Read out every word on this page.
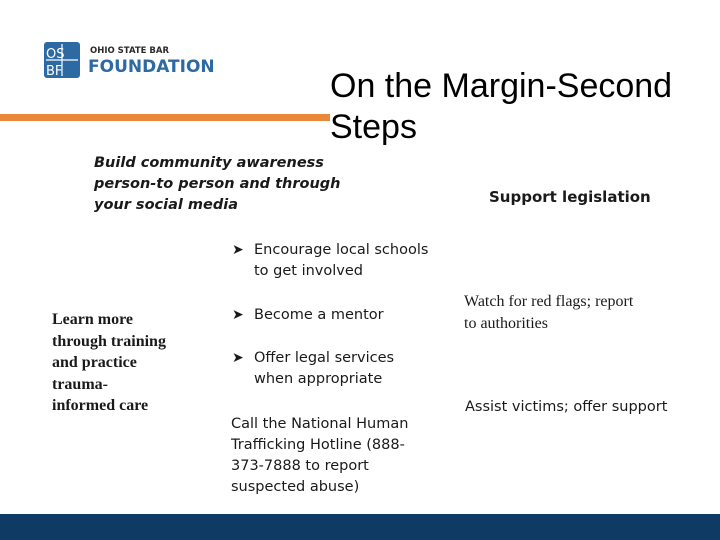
OS
BF
OHIO STATE BAR
FOUNDATION	On the Margin-Second Steps
Build community awareness person-to person and through your social media
Learn more through training and practice trauma-informed care
➤ Encourage local schools to get involved
➤ Become a mentor
➤ Offer legal services when appropriate
Call the National Human Trafficking Hotline (888-373-7888 to report suspected abuse)
Support legislation
Watch for red flags; report to authorities
Assist victims; offer support
